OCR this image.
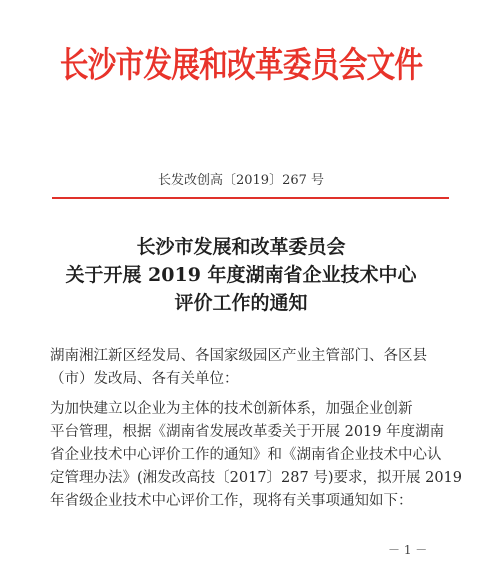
长沙市发展和改革委员会文件
长发改创高〔2019〕267 号
长沙市发展和改革委员会
关于开展 2019 年度湖南省企业技术中心
评价工作的通知
湖南湘江新区经发局、各国家级园区产业主管部门、各区县
（市）发改局、各有关单位：
为加快建立以企业为主体的技术创新体系，加强企业创新
平台管理，根据《湖南省发展改革委关于开展 2019 年度湖南
省企业技术中心评价工作的通知》和《湖南省企业技术中心认
定管理办法》(湘发改高技〔2017〕287 号)要求，拟开展 2019
年省级企业技术中心评价工作，现将有关事项通知如下：
－ 1 －
